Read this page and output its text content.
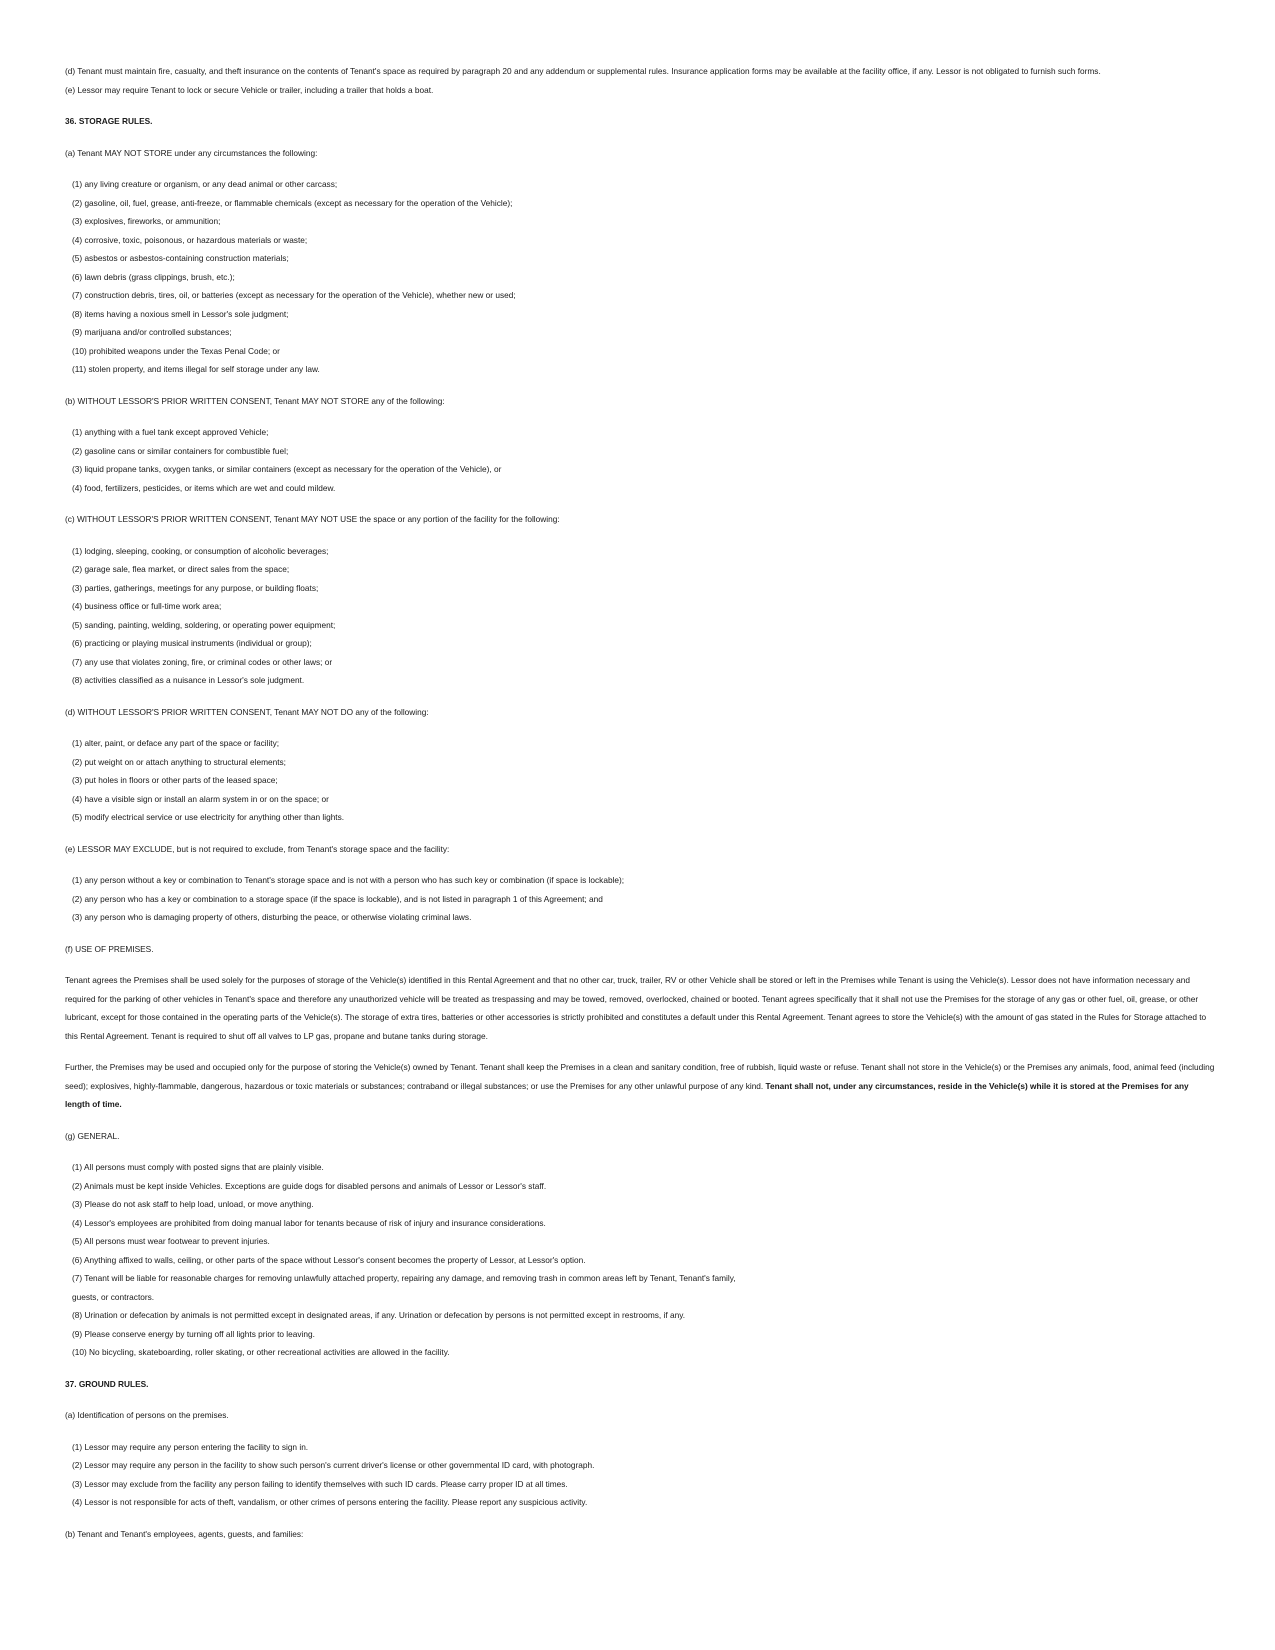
(d) Tenant must maintain fire, casualty, and theft insurance on the contents of Tenant's space as required by paragraph 20 and any addendum or supplemental rules. Insurance application forms may be available at the facility office, if any. Lessor is not obligated to furnish such forms.
(e) Lessor may require Tenant to lock or secure Vehicle or trailer, including a trailer that holds a boat.
36. STORAGE RULES.
(a) Tenant MAY NOT STORE under any circumstances the following:
(1) any living creature or organism, or any dead animal or other carcass;
(2) gasoline, oil, fuel, grease, anti-freeze, or flammable chemicals (except as necessary for the operation of the Vehicle);
(3) explosives, fireworks, or ammunition;
(4) corrosive, toxic, poisonous, or hazardous materials or waste;
(5) asbestos or asbestos-containing construction materials;
(6) lawn debris (grass clippings, brush, etc.);
(7) construction debris, tires, oil, or batteries (except as necessary for the operation of the Vehicle), whether new or used;
(8) items having a noxious smell in Lessor's sole judgment;
(9) marijuana and/or controlled substances;
(10) prohibited weapons under the Texas Penal Code; or
(11) stolen property, and items illegal for self storage under any law.
(b) WITHOUT LESSOR'S PRIOR WRITTEN CONSENT, Tenant MAY NOT STORE any of the following:
(1) anything with a fuel tank except approved Vehicle;
(2) gasoline cans or similar containers for combustible fuel;
(3) liquid propane tanks, oxygen tanks, or similar containers (except as necessary for the operation of the Vehicle), or
(4) food, fertilizers, pesticides, or items which are wet and could mildew.
(c) WITHOUT LESSOR'S PRIOR WRITTEN CONSENT, Tenant MAY NOT USE the space or any portion of the facility for the following:
(1) lodging, sleeping, cooking, or consumption of alcoholic beverages;
(2) garage sale, flea market, or direct sales from the space;
(3) parties, gatherings, meetings for any purpose, or building floats;
(4) business office or full-time work area;
(5) sanding, painting, welding, soldering, or operating power equipment;
(6) practicing or playing musical instruments (individual or group);
(7) any use that violates zoning, fire, or criminal codes or other laws; or
(8) activities classified as a nuisance in Lessor's sole judgment.
(d) WITHOUT LESSOR'S PRIOR WRITTEN CONSENT, Tenant MAY NOT DO any of the following:
(1) alter, paint, or deface any part of the space or facility;
(2) put weight on or attach anything to structural elements;
(3) put holes in floors or other parts of the leased space;
(4) have a visible sign or install an alarm system in or on the space; or
(5) modify electrical service or use electricity for anything other than lights.
(e) LESSOR MAY EXCLUDE, but is not required to exclude, from Tenant's storage space and the facility:
(1) any person without a key or combination to Tenant's storage space and is not with a person who has such key or combination (if space is lockable);
(2) any person who has a key or combination to a storage space (if the space is lockable), and is not listed in paragraph 1 of this Agreement; and
(3) any person who is damaging property of others, disturbing the peace, or otherwise violating criminal laws.
(f) USE OF PREMISES.
Tenant agrees the Premises shall be used solely for the purposes of storage of the Vehicle(s) identified in this Rental Agreement and that no other car, truck, trailer, RV or other Vehicle shall be stored or left in the Premises while Tenant is using the Vehicle(s). Lessor does not have information necessary and required for the parking of other vehicles in Tenant's space and therefore any unauthorized vehicle will be treated as trespassing and may be towed, removed, overlocked, chained or booted. Tenant agrees specifically that it shall not use the Premises for the storage of any gas or other fuel, oil, grease, or other lubricant, except for those contained in the operating parts of the Vehicle(s). The storage of extra tires, batteries or other accessories is strictly prohibited and constitutes a default under this Rental Agreement. Tenant agrees to store the Vehicle(s) with the amount of gas stated in the Rules for Storage attached to this Rental Agreement. Tenant is required to shut off all valves to LP gas, propane and butane tanks during storage.
Further, the Premises may be used and occupied only for the purpose of storing the Vehicle(s) owned by Tenant. Tenant shall keep the Premises in a clean and sanitary condition, free of rubbish, liquid waste or refuse. Tenant shall not store in the Vehicle(s) or the Premises any animals, food, animal feed (including seed); explosives, highly-flammable, dangerous, hazardous or toxic materials or substances; contraband or illegal substances; or use the Premises for any other unlawful purpose of any kind. Tenant shall not, under any circumstances, reside in the Vehicle(s) while it is stored at the Premises for any length of time.
(g) GENERAL.
(1) All persons must comply with posted signs that are plainly visible.
(2) Animals must be kept inside Vehicles. Exceptions are guide dogs for disabled persons and animals of Lessor or Lessor's staff.
(3) Please do not ask staff to help load, unload, or move anything.
(4) Lessor's employees are prohibited from doing manual labor for tenants because of risk of injury and insurance considerations.
(5) All persons must wear footwear to prevent injuries.
(6) Anything affixed to walls, ceiling, or other parts of the space without Lessor's consent becomes the property of Lessor, at Lessor's option.
(7) Tenant will be liable for reasonable charges for removing unlawfully attached property, repairing any damage, and removing trash in common areas left by Tenant, Tenant's family,
guests, or contractors.
(8) Urination or defecation by animals is not permitted except in designated areas, if any. Urination or defecation by persons is not permitted except in restrooms, if any.
(9) Please conserve energy by turning off all lights prior to leaving.
(10) No bicycling, skateboarding, roller skating, or other recreational activities are allowed in the facility.
37. GROUND RULES.
(a) Identification of persons on the premises.
(1) Lessor may require any person entering the facility to sign in.
(2) Lessor may require any person in the facility to show such person's current driver's license or other governmental ID card, with photograph.
(3) Lessor may exclude from the facility any person failing to identify themselves with such ID cards. Please carry proper ID at all times.
(4) Lessor is not responsible for acts of theft, vandalism, or other crimes of persons entering the facility. Please report any suspicious activity.
(b) Tenant and Tenant's employees, agents, guests, and families:
